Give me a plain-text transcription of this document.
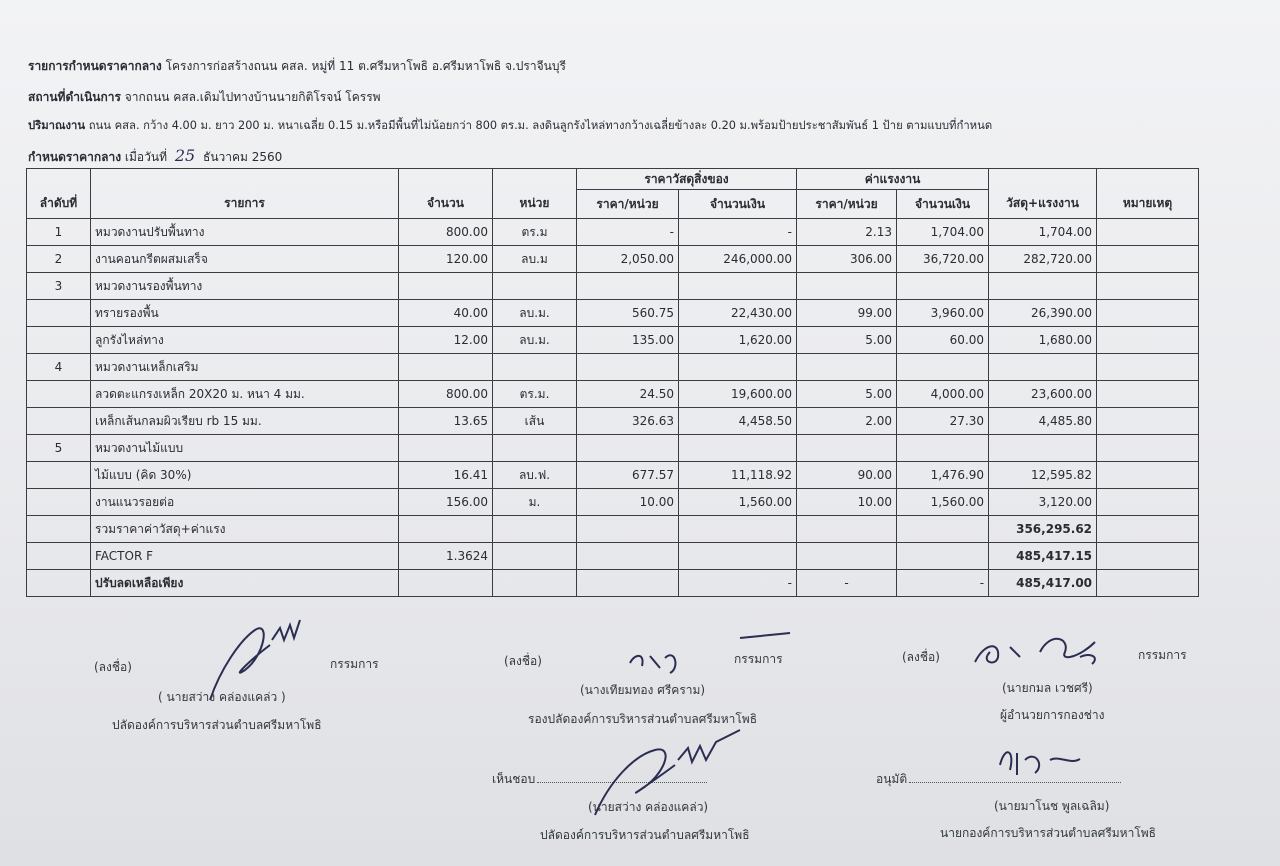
รายการกำหนดราคากลาง โครงการก่อสร้างถนน คสล. หมู่ที่ 11 ต.ศรีมหาโพธิ อ.ศรีมหาโพธิ จ.ปราจีนบุรี
สถานที่ดำเนินการ จากถนน คสล.เดิมไปทางบ้านนายกิติโรจน์ โครรพ
ปริมาณงาน ถนน คสล. กว้าง 4.00 ม. ยาว 200 ม. หนาเฉลี่ย 0.15 ม.หรือมีพื้นที่ไม่น้อยกว่า 800 ตร.ม. ลงดินลูกรังไหล่ทางกว้างเฉลี่ยข้างละ 0.20 ม.พร้อมป้ายประชาสัมพันธ์ 1 ป้าย ตามแบบที่กำหนด
กำหนดราคากลาง เมื่อวันที่ 25 ธันวาคม 2560
ลำดับที่	รายการ	จำนวน	หน่วย	ราคาวัสดุสิ่งของ		ค่าแรงงาน		วัสดุ+แรงงาน	หมายเหตุ
				ราคา/หน่วย	จำนวนเงิน	ราคา/หน่วย	จำนวนเงิน		
1	หมวดงานปรับพื้นทาง	800.00	ตร.ม	-	-	2.13	1,704.00	1,704.00	
2	งานคอนกรีตผสมเสร็จ	120.00	ลบ.ม	2,050.00	246,000.00	306.00	36,720.00	282,720.00	
3	หมวดงานรองพื้นทาง								
	ทรายรองพื้น	40.00	ลบ.ม.	560.75	22,430.00	99.00	3,960.00	26,390.00	
	ลูกรังไหล่ทาง	12.00	ลบ.ม.	135.00	1,620.00	5.00	60.00	1,680.00	
4	หมวดงานเหล็กเสริม								
	ลวดตะแกรงเหล็ก 20X20 ม. หนา 4 มม.	800.00	ตร.ม.	24.50	19,600.00	5.00	4,000.00	23,600.00	
	เหล็กเส้นกลมผิวเรียบ rb 15 มม.	13.65	เส้น	326.63	4,458.50	2.00	27.30	4,485.80	
5	หมวดงานไม้แบบ								
	ไม้แบบ (คิด 30%)	16.41	ลบ.ฟ.	677.57	11,118.92	90.00	1,476.90	12,595.82	
	งานแนวรอยต่อ	156.00	ม.	10.00	1,560.00	10.00	1,560.00	3,120.00	
	รวมราคาค่าวัสดุ+ค่าแรง							356,295.62	
	FACTOR F	1.3624						485,417.15	
	ปรับลดเหลือเพียง				-	-	-	485,417.00	
(ลงชื่อ)	กรรมการ
( นายสว่าง คล่องแคล่ว )
ปลัดองค์การบริหารส่วนตำบลศรีมหาโพธิ
(ลงชื่อ)	กรรมการ
(นางเทียมทอง ศรีคราม)
รองปลัดองค์การบริหารส่วนตำบลศรีมหาโพธิ
(ลงชื่อ)	กรรมการ
(นายกมล เวชศรี)
ผู้อำนวยการกองช่าง
เห็นชอบ
(นายสว่าง คล่องแคล่ว)
ปลัดองค์การบริหารส่วนตำบลศรีมหาโพธิ
อนุมัติ
(นายมาโนช พูลเฉลิม)
นายกองค์การบริหารส่วนตำบลศรีมหาโพธิ
